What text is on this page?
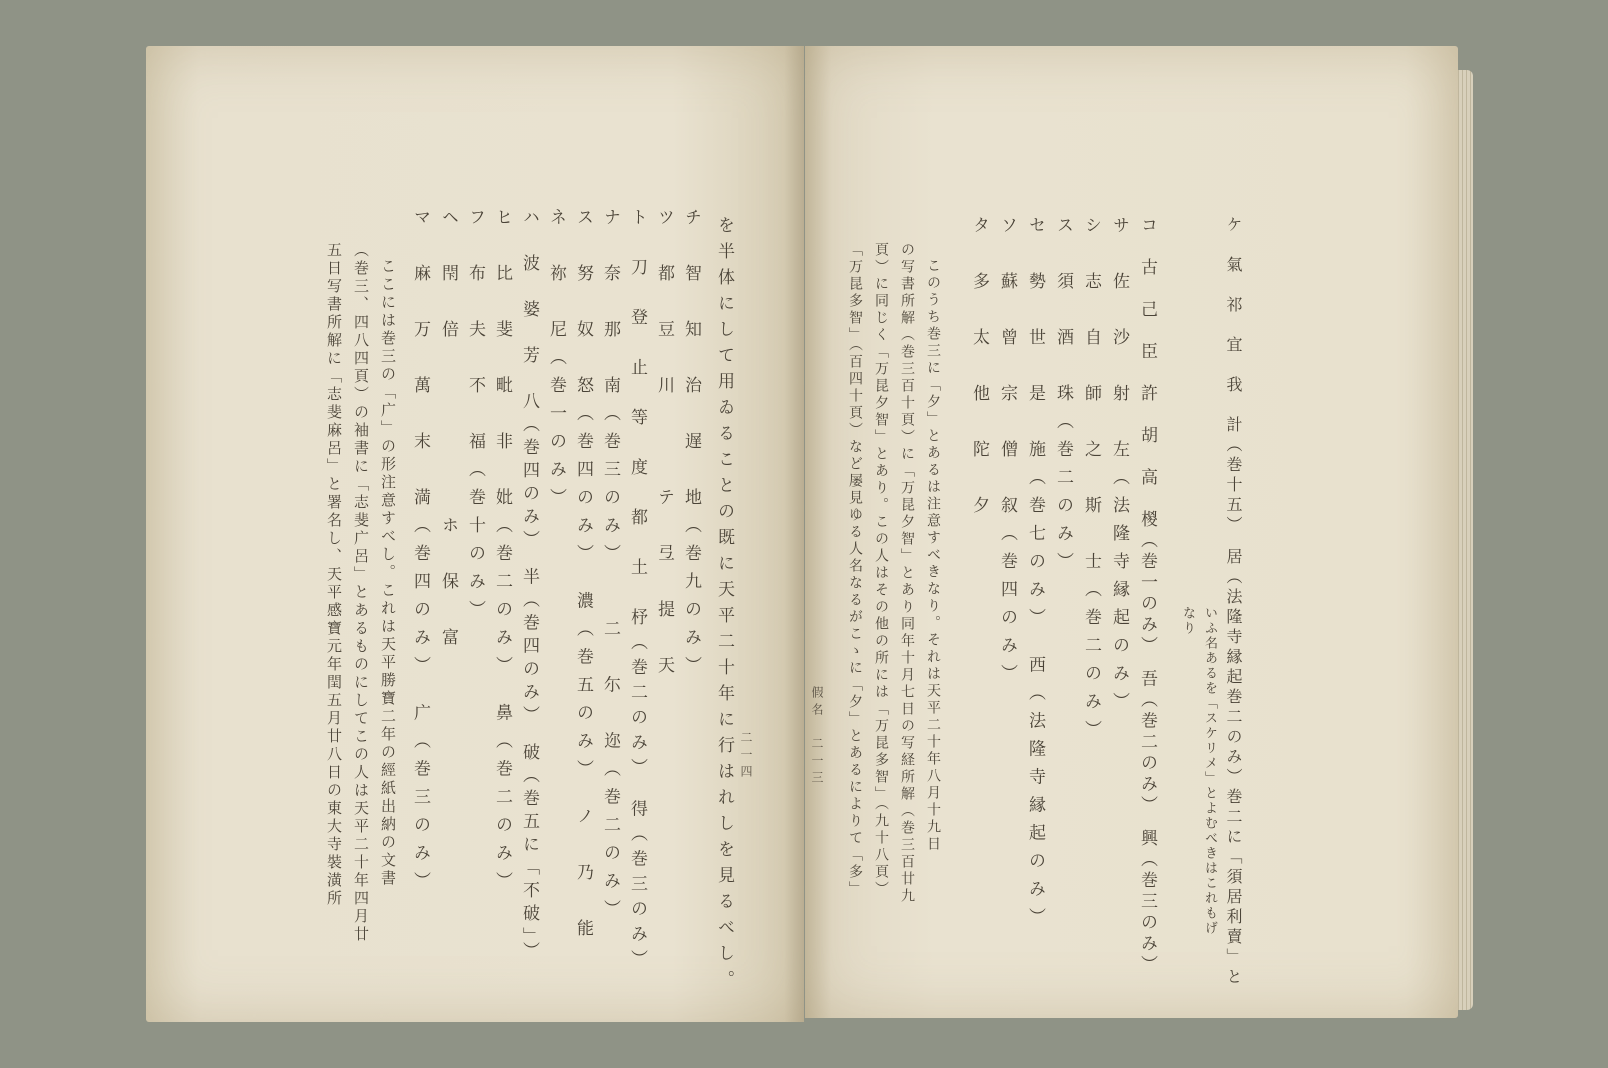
二一四
を半体にして用ゐることの既に天平二十年に行はれしを見るべし。
チ　智　知　治　遅　地（巻九のみ）
ツ　都　豆　川　　　テ　弖　提　天
ト　刀　登　止　等　度　都　土　杼（巻二のみ）　得（巻三のみ）
ナ　奈　那　南（巻三のみ）　　二　尓　迩（巻二のみ）
ス　努　奴　怒（巻四のみ）　濃（巻五のみ）　ノ　乃　能
ネ　祢　尼（巻一のみ）
ハ　波　婆　芳　八（巻四のみ）　半（巻四のみ）　破（巻五に「不破」）
ヒ　比　斐　毗　非　妣（巻二のみ）　鼻（巻二のみ）
フ　布　夫　不　福（巻十のみ）
ヘ　閇　倍　　　　　　ホ　保　富
マ　麻　万　萬　末　満（巻四のみ）　广（巻三のみ）
ここには巻三の「广」の形注意すべし。これは天平勝寶二年の經紙出納の文書
（巻三、四八四頁）の袖書に「志斐广呂」とあるものにしてこの人は天平二十年四月廿
五日写書所解に「志斐麻呂」と署名し、天平感寶元年閏五月廿八日の東大寺裝潢所	ケ　氣　祁　宜　我　計（巻十五）　居（法隆寺縁起巻二のみ）巻二に「須居利賣」と
いふ名あるを「スケリメ」とよむべきはこれもげ
なり
コ　古　己　臣　許　胡　高　椶（巻一のみ）　吾（巻二のみ）　興（巻三のみ）
サ　佐　沙　射　左（法隆寺縁起のみ）
シ　志　自　師　之　斯　士（巻二のみ）
ス　須　酒　珠（巻二のみ）
セ　勢　世　是　施（巻七のみ）　西（法隆寺縁起のみ）
ソ　蘇　曾　宗　僧　叙（巻四のみ）
タ　多　太　他　陀　夕
このうち巻三に「夕」とあるは注意すべきなり。それは天平二十年八月十九日
の写書所解（巻三百十頁）に「万昆夕智」とあり同年十月七日の写経所解（巻三百廿九
頁）に同じく「万昆夕智」とあり。この人はその他の所には「万昆多智」（九十八頁）
「万昆多智」（百四十頁）など屡見ゆる人名なるがこゝに「夕」とあるによりて「多」
假名　二一三
